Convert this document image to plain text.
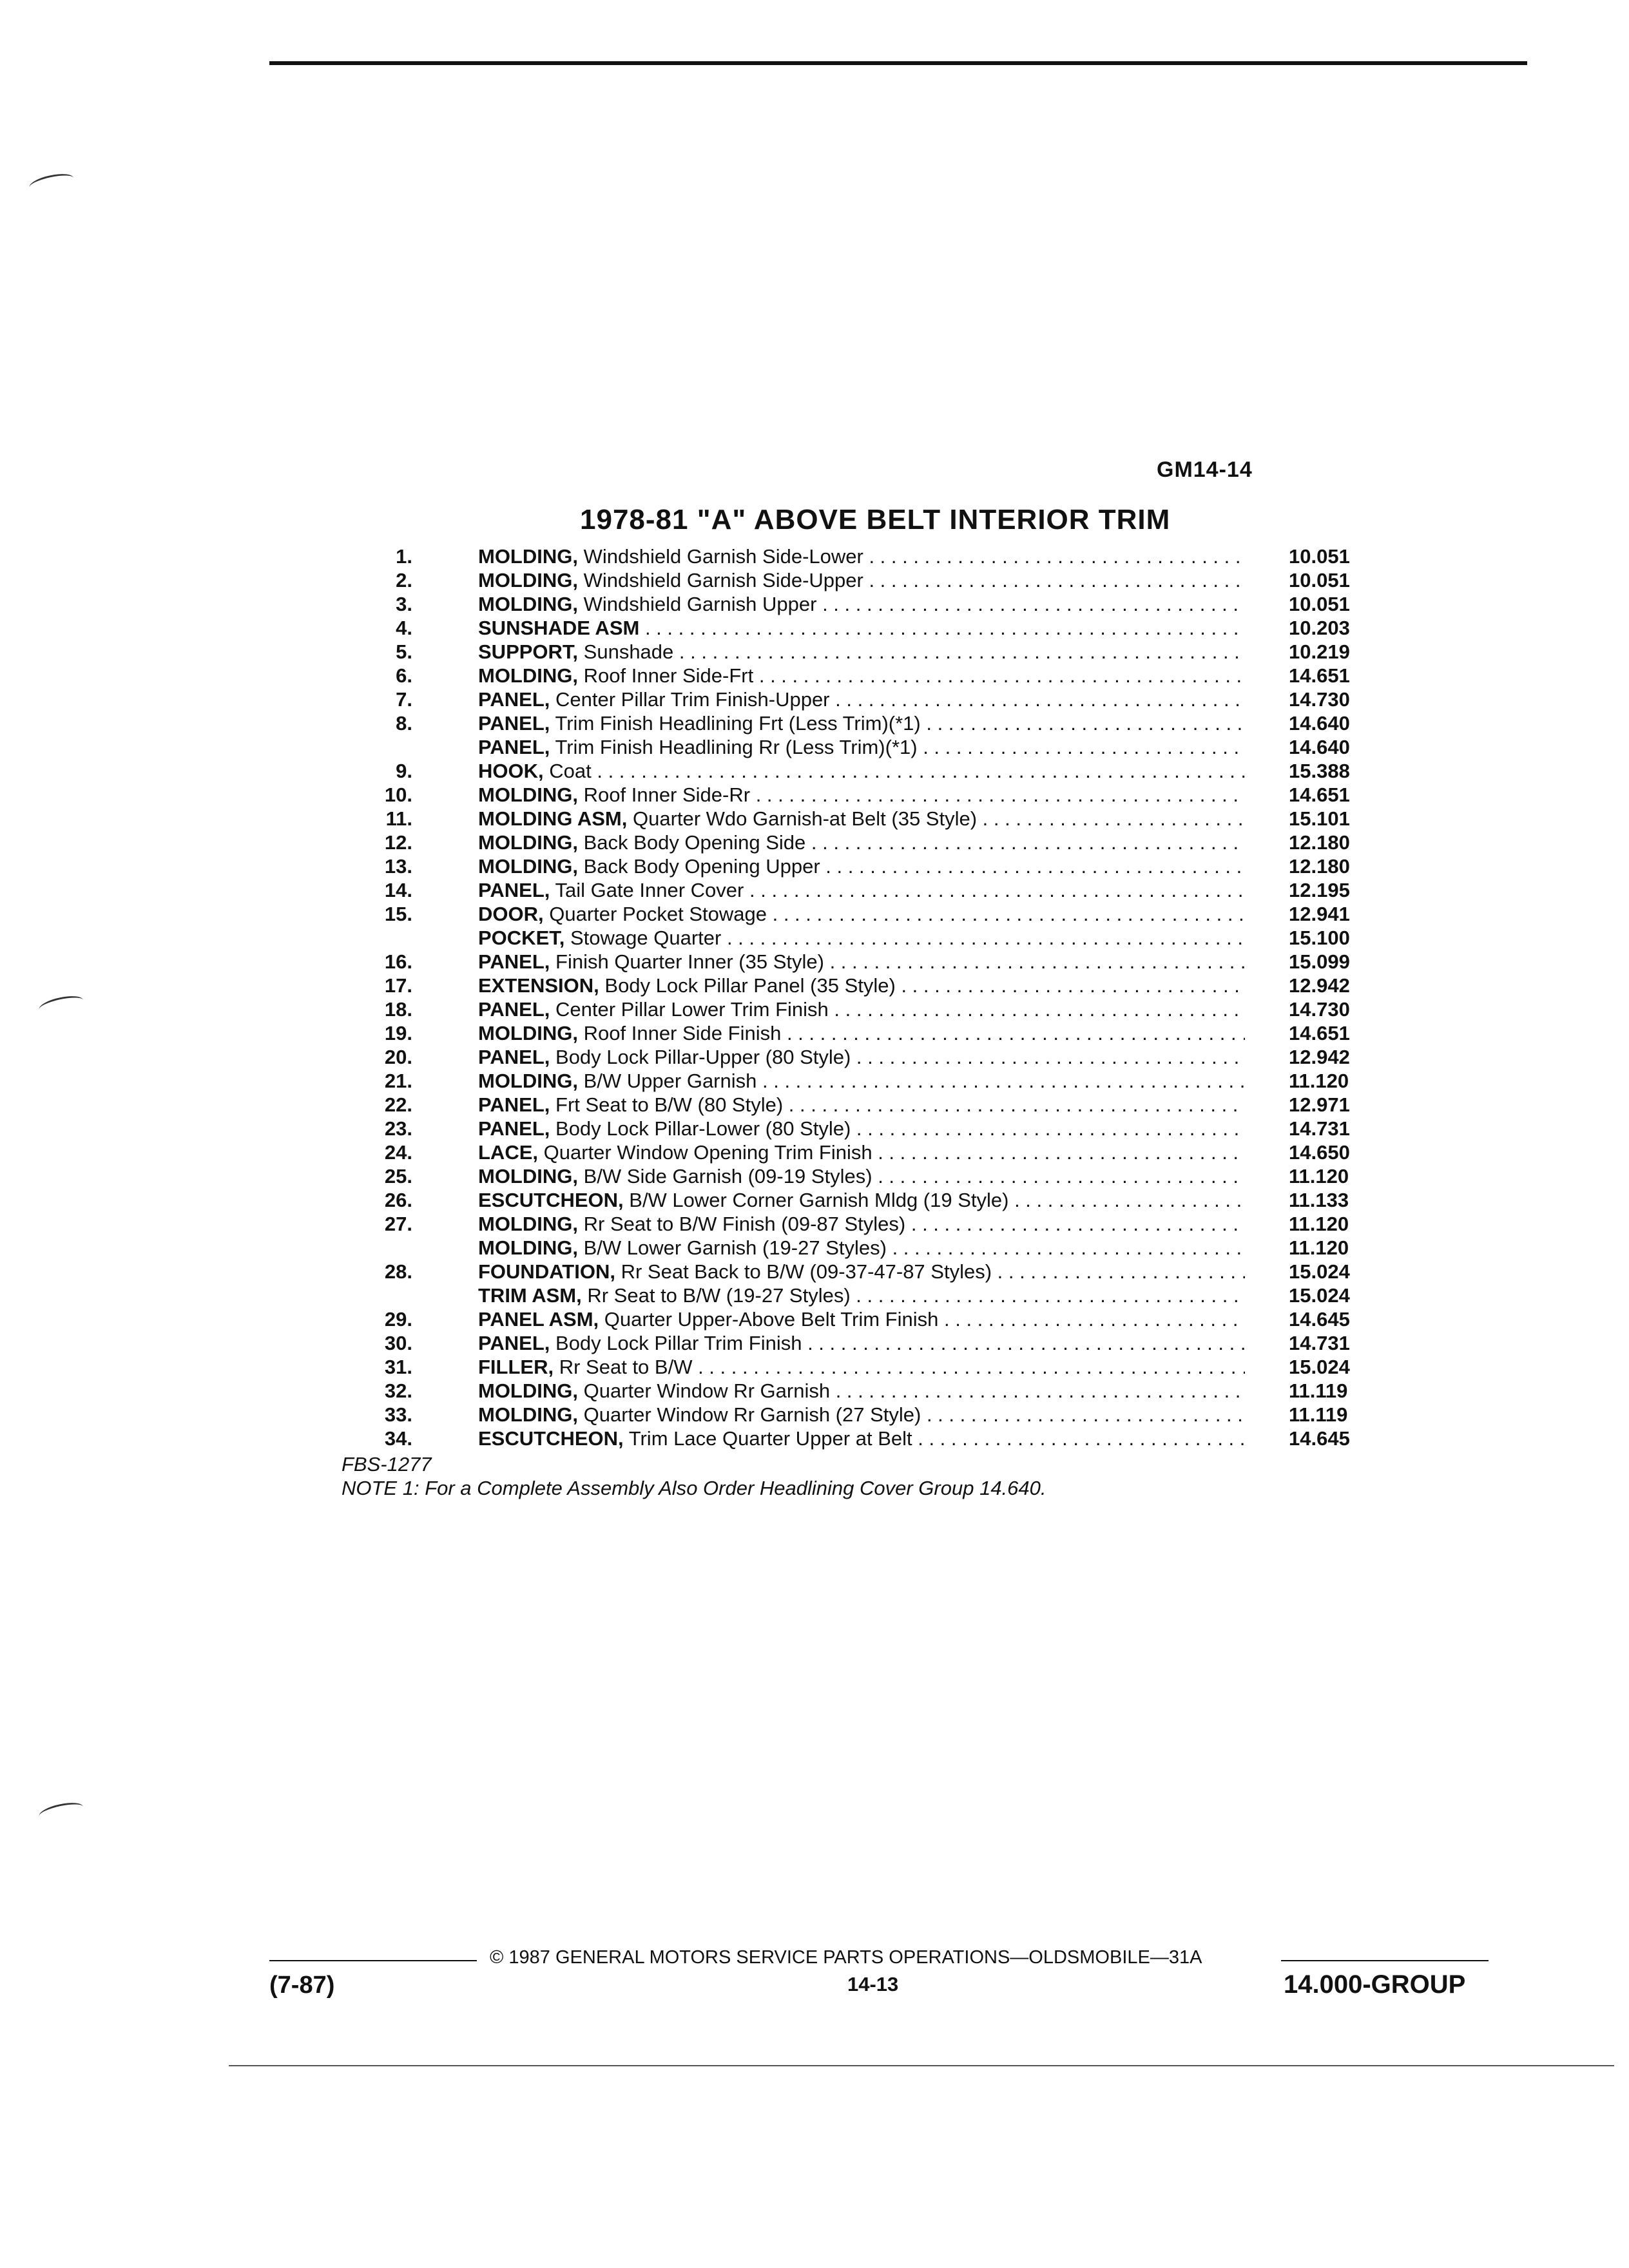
GM14-14
1978-81 "A" ABOVE BELT INTERIOR TRIM
1.	MOLDING, Windshield Garnish Side-Lower . . .	10.051
2.	MOLDING, Windshield Garnish Side-Upper . . .	10.051
3.	MOLDING, Windshield Garnish Upper . . .	10.051
4.	SUNSHADE ASM . . .	10.203
5.	SUPPORT, Sunshade . . .	10.219
6.	MOLDING, Roof Inner Side-Frt . . .	14.651
7.	PANEL, Center Pillar Trim Finish-Upper . . .	14.730
8.	PANEL, Trim Finish Headlining Frt (Less Trim)(*1) . . .	14.640
PANEL, Trim Finish Headlining Rr (Less Trim)(*1) . . .	14.640
9.	HOOK, Coat . . .	15.388
10.	MOLDING, Roof Inner Side-Rr . . .	14.651
11.	MOLDING ASM, Quarter Wdo Garnish-at Belt (35 Style) . . .	15.101
12.	MOLDING, Back Body Opening Side . . .	12.180
13.	MOLDING, Back Body Opening Upper . . .	12.180
14.	PANEL, Tail Gate Inner Cover . . .	12.195
15.	DOOR, Quarter Pocket Stowage . . .	12.941
POCKET, Stowage Quarter . . .	15.100
16.	PANEL, Finish Quarter Inner (35 Style) . . .	15.099
17.	EXTENSION, Body Lock Pillar Panel (35 Style) . . .	12.942
18.	PANEL, Center Pillar Lower Trim Finish . . .	14.730
19.	MOLDING, Roof Inner Side Finish . . .	14.651
20.	PANEL, Body Lock Pillar-Upper (80 Style) . . .	12.942
21.	MOLDING, B/W Upper Garnish . . .	11.120
22.	PANEL, Frt Seat to B/W (80 Style) . . .	12.971
23.	PANEL, Body Lock Pillar-Lower (80 Style) . . .	14.731
24.	LACE, Quarter Window Opening Trim Finish . . .	14.650
25.	MOLDING, B/W Side Garnish (09-19 Styles) . . .	11.120
26.	ESCUTCHEON, B/W Lower Corner Garnish Mldg (19 Style) . . .	11.133
27.	MOLDING, Rr Seat to B/W Finish (09-87 Styles) . . .	11.120
MOLDING, B/W Lower Garnish (19-27 Styles) . . .	11.120
28.	FOUNDATION, Rr Seat Back to B/W (09-37-47-87 Styles) . . .	15.024
TRIM ASM, Rr Seat to B/W (19-27 Styles) . . .	15.024
29.	PANEL ASM, Quarter Upper-Above Belt Trim Finish . . .	14.645
30.	PANEL, Body Lock Pillar Trim Finish . . .	14.731
31.	FILLER, Rr Seat to B/W . . .	15.024
32.	MOLDING, Quarter Window Rr Garnish . . .	11.119
33.	MOLDING, Quarter Window Rr Garnish (27 Style) . . .	11.119
34.	ESCUTCHEON, Trim Lace Quarter Upper at Belt . . .	14.645
FBS-1277
NOTE 1: For a Complete Assembly Also Order Headlining Cover Group 14.640.
© 1987 GENERAL MOTORS SERVICE PARTS OPERATIONS—OLDSMOBILE—31A
(7-87)	14-13	14.000-GROUP
